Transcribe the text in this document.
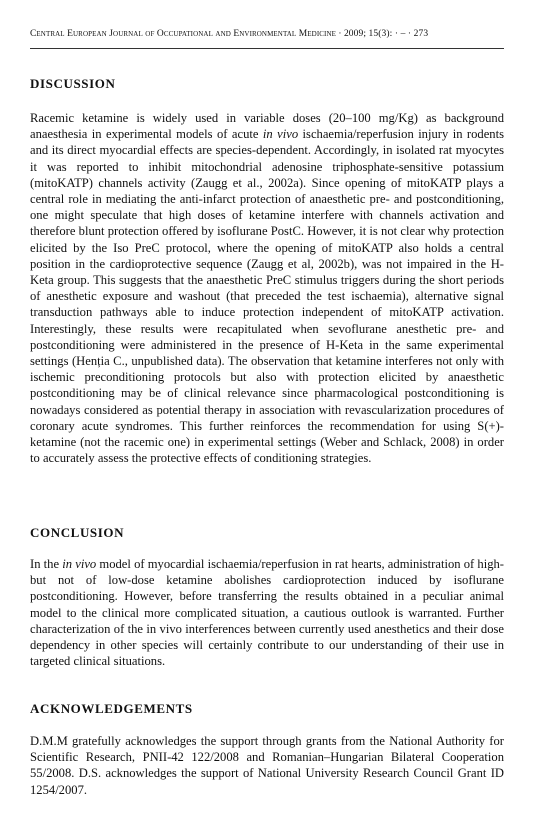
Central European Journal of Occupational and Environmental Medicine · 2009; 15(3): · – · 273
DISCUSSION

Racemic ketamine is widely used in variable doses (20–100 mg/Kg) as background anaesthesia in experimental models of acute in vivo ischaemia/reperfusion injury in rodents and its direct myocardial effects are species-dependent. Accordingly, in isolated rat myocytes it was reported to inhibit mitochondrial adenosine triphosphate-sensitive potassium (mitoKATP) channels activity (Zaugg et al., 2002a). Since opening of mitoKATP plays a central role in mediating the anti-infarct protection of anaesthetic pre- and postconditioning, one might speculate that high doses of ketamine interfere with channels activation and therefore blunt protection offered by isoflurane PostC. However, it is not clear why protection elicited by the Iso PreC protocol, where the opening of mitoKATP also holds a central position in the cardioprotective sequence (Zaugg et al, 2002b), was not impaired in the H-Keta group. This suggests that the anaesthetic PreC stimulus triggers during the short periods of anesthetic exposure and washout (that preceded the test ischaemia), alternative signal transduction pathways able to induce protection independent of mitoKATP activation. Interestingly, these results were recapitulated when sevoflurane anesthetic pre- and postconditioning were administered in the presence of H-Keta in the same experimental settings (Henția C., unpublished data). The observation that ketamine interferes not only with ischemic preconditioning protocols but also with protection elicited by anaesthetic postconditioning may be of clinical relevance since pharmacological postconditioning is nowadays considered as potential therapy in association with revascularization procedures of coronary acute syndromes. This further reinforces the recommendation for using S(+)-ketamine (not the racemic one) in experimental settings (Weber and Schlack, 2008) in order to accurately assess the protective effects of conditioning strategies.

CONCLUSION

In the in vivo model of myocardial ischaemia/reperfusion in rat hearts, administration of high- but not of low-dose ketamine abolishes cardioprotection induced by isoflurane postconditioning. However, before transferring the results obtained in a peculiar animal model to the clinical more complicated situation, a cautious outlook is warranted. Further characterization of the in vivo interferences between currently used anesthetics and their dose dependency in other species will certainly contribute to our understanding of their use in targeted clinical situations.

ACKNOWLEDGEMENTS
D.M.M gratefully acknowledges the support through grants from the National Authority for Scientific Research, PNII-42 122/2008 and Romanian–Hungarian Bilateral Cooperation 55/2008. D.S. acknowledges the support of National University Research Council Grant ID 1254/2007.
